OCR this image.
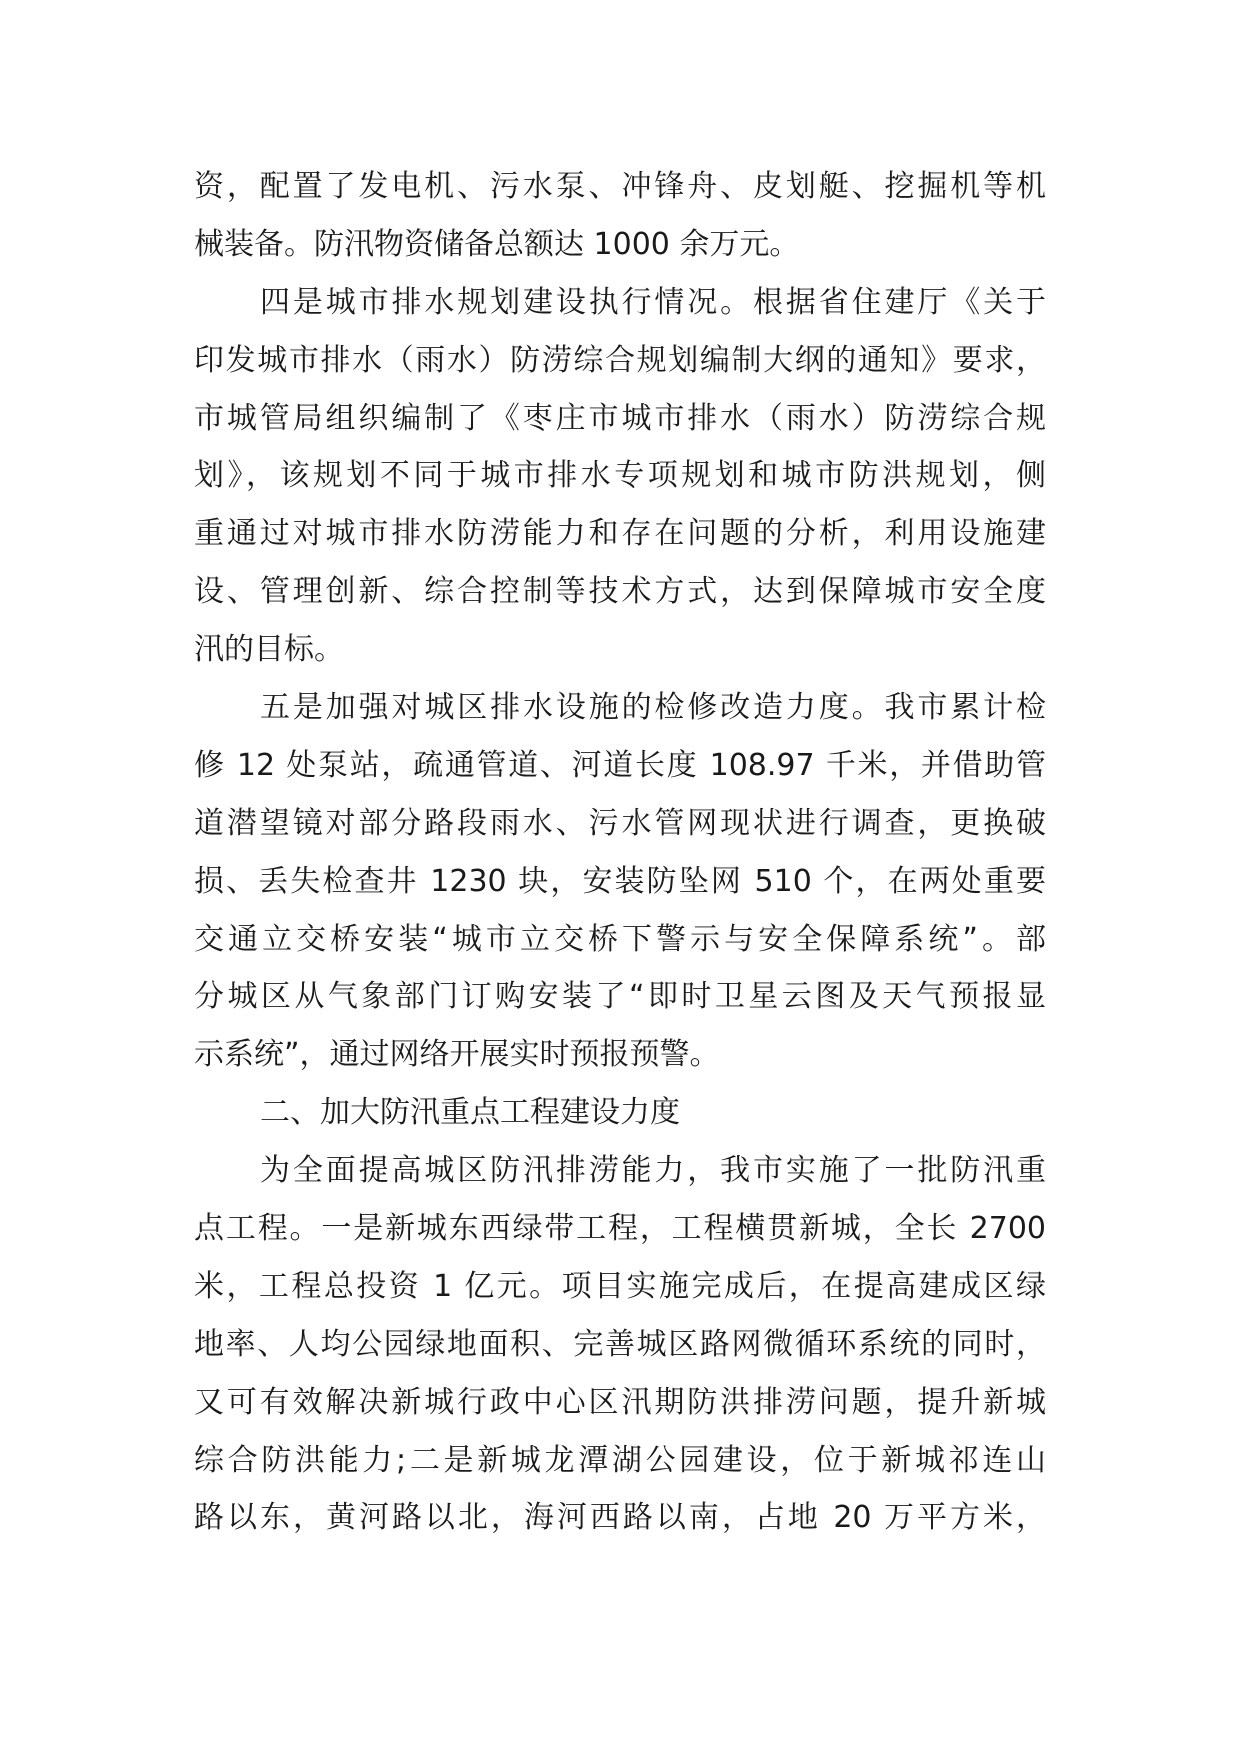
资，配置了发电机、污水泵、冲锋舟、皮划艇、挖掘机等机
械装备。防汛物资储备总额达 1000 余万元。
四是城市排水规划建设执行情况。根据省住建厅《关于
印发城市排水（雨水）防涝综合规划编制大纲的通知》要求，
市城管局组织编制了《枣庄市城市排水（雨水）防涝综合规
划》，该规划不同于城市排水专项规划和城市防洪规划，侧
重通过对城市排水防涝能力和存在问题的分析，利用设施建
设、管理创新、综合控制等技术方式，达到保障城市安全度
汛的目标。
五是加强对城区排水设施的检修改造力度。我市累计检
修 12 处泵站，疏通管道、河道长度 108.97 千米，并借助管
道潜望镜对部分路段雨水、污水管网现状进行调查，更换破
损、丢失检查井 1230 块，安装防坠网 510 个，在两处重要
交通立交桥安装“城市立交桥下警示与安全保障系统”。部
分城区从气象部门订购安装了“即时卫星云图及天气预报显
示系统”，通过网络开展实时预报预警。
二、加大防汛重点工程建设力度
为全面提高城区防汛排涝能力，我市实施了一批防汛重
点工程。一是新城东西绿带工程，工程横贯新城，全长 2700
米，工程总投资 1 亿元。项目实施完成后，在提高建成区绿
地率、人均公园绿地面积、完善城区路网微循环系统的同时，
又可有效解决新城行政中心区汛期防洪排涝问题，提升新城
综合防洪能力;二是新城龙潭湖公园建设，位于新城祁连山
路以东，黄河路以北，海河西路以南，占地 20 万平方米，
